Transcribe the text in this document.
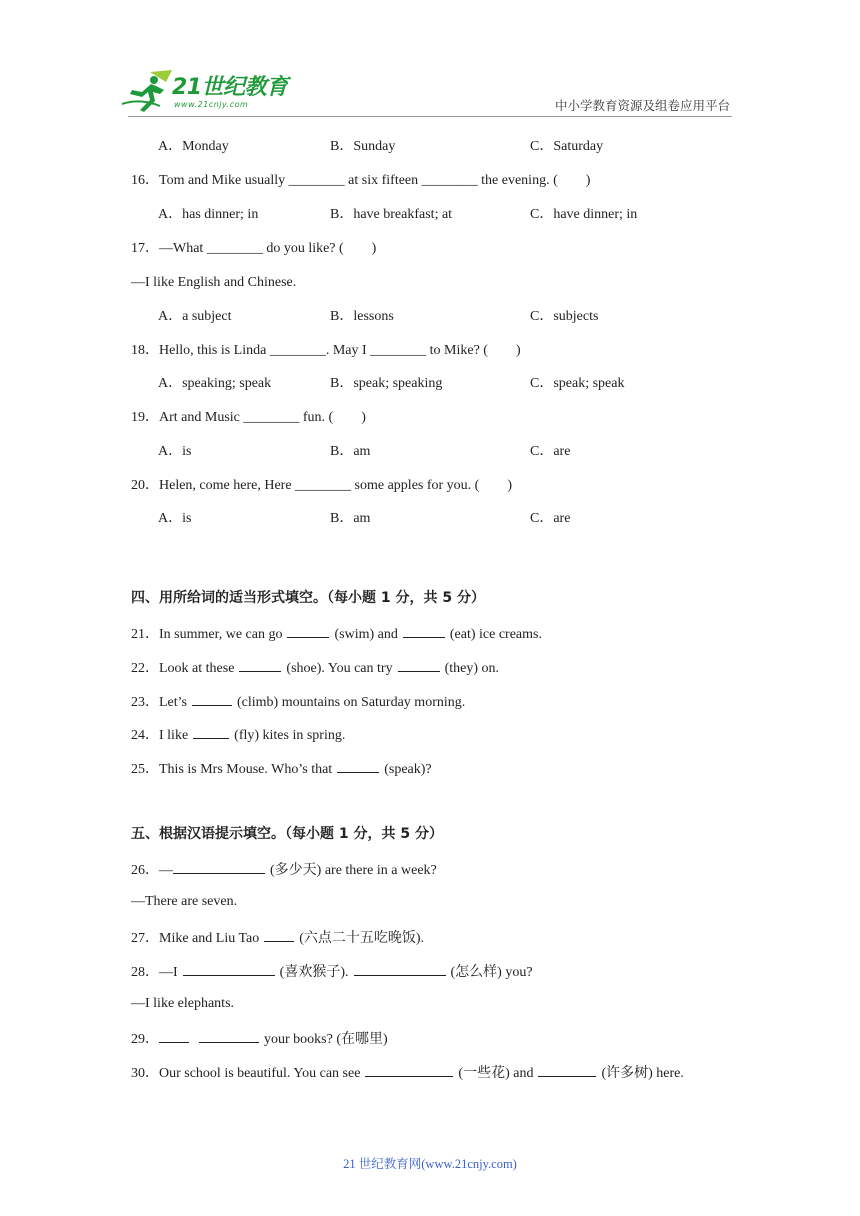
21世纪教育
www.21cnjy.com	中小学教育资源及组卷应用平台
A．Monday	B．Sunday	C．Saturday
16．Tom and Mike usually ________ at six fifteen ________ the evening. (　　)
A．has dinner; in	B．have breakfast; at	C．have dinner; in
17．—What ________ do you like? (　　)
—I like English and Chinese.
A．a subject	B．lessons	C．subjects
18．Hello, this is Linda ________. May I ________ to Mike? (　　)
A．speaking; speak	B．speak; speaking	C．speak; speak
19．Art and Music ________ fun. (　　)
A．is	B．am	C．are
20．Helen, come here, Here ________ some apples for you. (　　)
A．is	B．am	C．are
四、用所给词的适当形式填空。（每小题 1 分，共 5 分）
21．In summer, we can go	(swim) and	(eat) ice creams.
22．Look at these	(shoe). You can try	(they) on.
23．Let’s	(climb) mountains on Saturday morning.
24．I like	(fly) kites in spring.
25．This is Mrs Mouse. Who’s that	(speak)?
五、根据汉语提示填空。（每小题 1 分，共 5 分）
26．—	(多少天) are there in a week?
—There are seven.
27．Mike and Liu Tao	(六点二十五吃晚饭).
28．—I	(喜欢猴子).	(怎么样) you?
—I like elephants.
29．	your books? (在哪里)
30．Our school is beautiful. You can see	(一些花) and	(许多树) here.
21 世纪教育网(www.21cnjy.com)
